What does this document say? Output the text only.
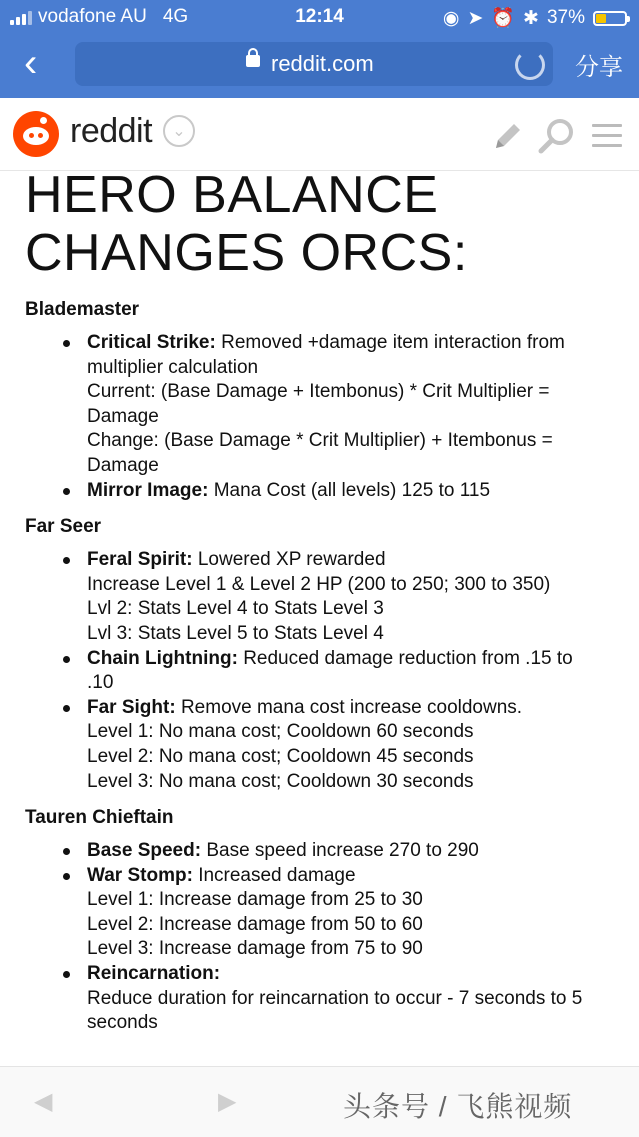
vodafone AU 4G	12:14	◉ ➤ ⏰ ✱ 37%
‹	reddit.com	分享
reddit	⌄
HERO BALANCE
CHANGES ORCS:
Blademaster
Critical Strike: Removed +damage item interaction from
multiplier calculation
Current: (Base Damage + Itembonus) * Crit Multiplier =
Damage
Change: (Base Damage * Crit Multiplier) + Itembonus =
Damage
Mirror Image: Mana Cost (all levels) 125 to 115
Far Seer
Feral Spirit: Lowered XP rewarded
Increase Level 1 & Level 2 HP (200 to 250; 300 to 350)
Lvl 2: Stats Level 4 to Stats Level 3
Lvl 3: Stats Level 5 to Stats Level 4
Chain Lightning: Reduced damage reduction from .15 to
.10
Far Sight: Remove mana cost increase cooldowns.
Level 1: No mana cost; Cooldown 60 seconds
Level 2: No mana cost; Cooldown 45 seconds
Level 3: No mana cost; Cooldown 30 seconds
Tauren Chieftain
Base Speed: Base speed increase 270 to 290
War Stomp: Increased damage
Level 1: Increase damage from 25 to 30
Level 2: Increase damage from 50 to 60
Level 3: Increase damage from 75 to 90
Reincarnation:
Reduce duration for reincarnation to occur - 7 seconds to 5
seconds
◀	▶	头条号 / 飞熊视频
